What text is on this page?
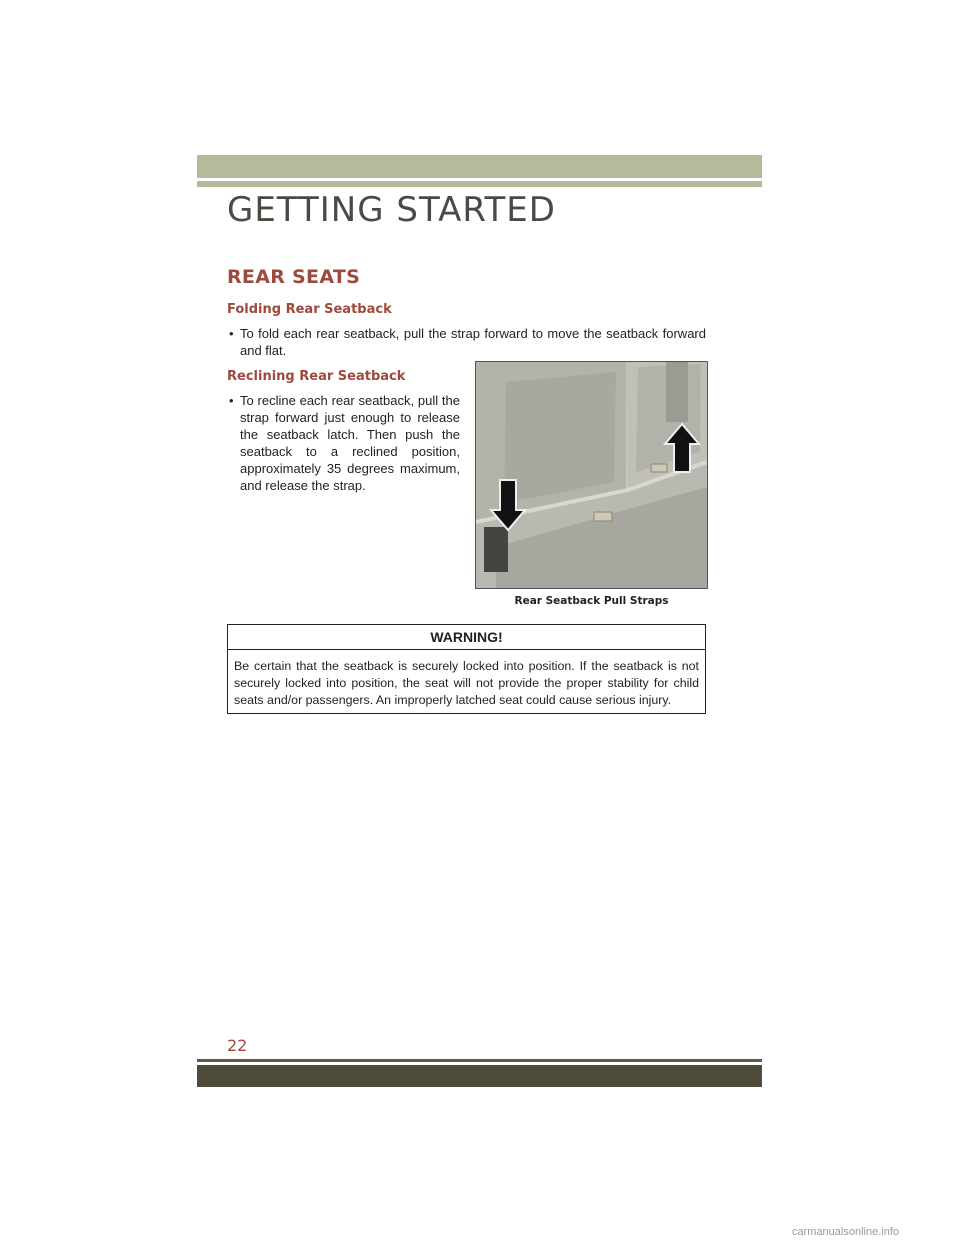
GETTING STARTED
REAR SEATS
Folding Rear Seatback

• To fold each rear seatback, pull the strap forward to move the seatback forward and flat.

Reclining Rear Seatback

• To recline each rear seatback, pull the strap forward just enough to release the seatback latch. Then push the seatback to a reclined position, approximately 35 degrees maximum, and release the strap.

Rear Seatback Pull Straps
WARNING!
Be certain that the seatback is securely locked into position. If the seatback is not securely locked into position, the seat will not provide the proper stability for child seats and/or passengers. An improperly latched seat could cause serious injury.
22
carmanualsonline.info
